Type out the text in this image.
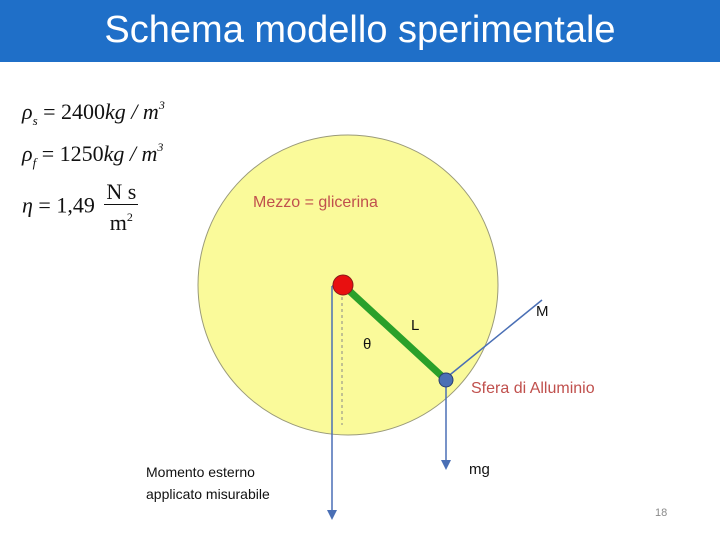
Schema modello sperimentale
$\rho_s = 2400kg / m^3$
$\rho_f = 1250kg / m^3$
$\eta = 1,49 \frac{\text{N s}}{m^2}$	Mezzo = glicerina
L
θ
M
Sfera di Alluminio
mg
Momento esterno
applicato misurabile
18
